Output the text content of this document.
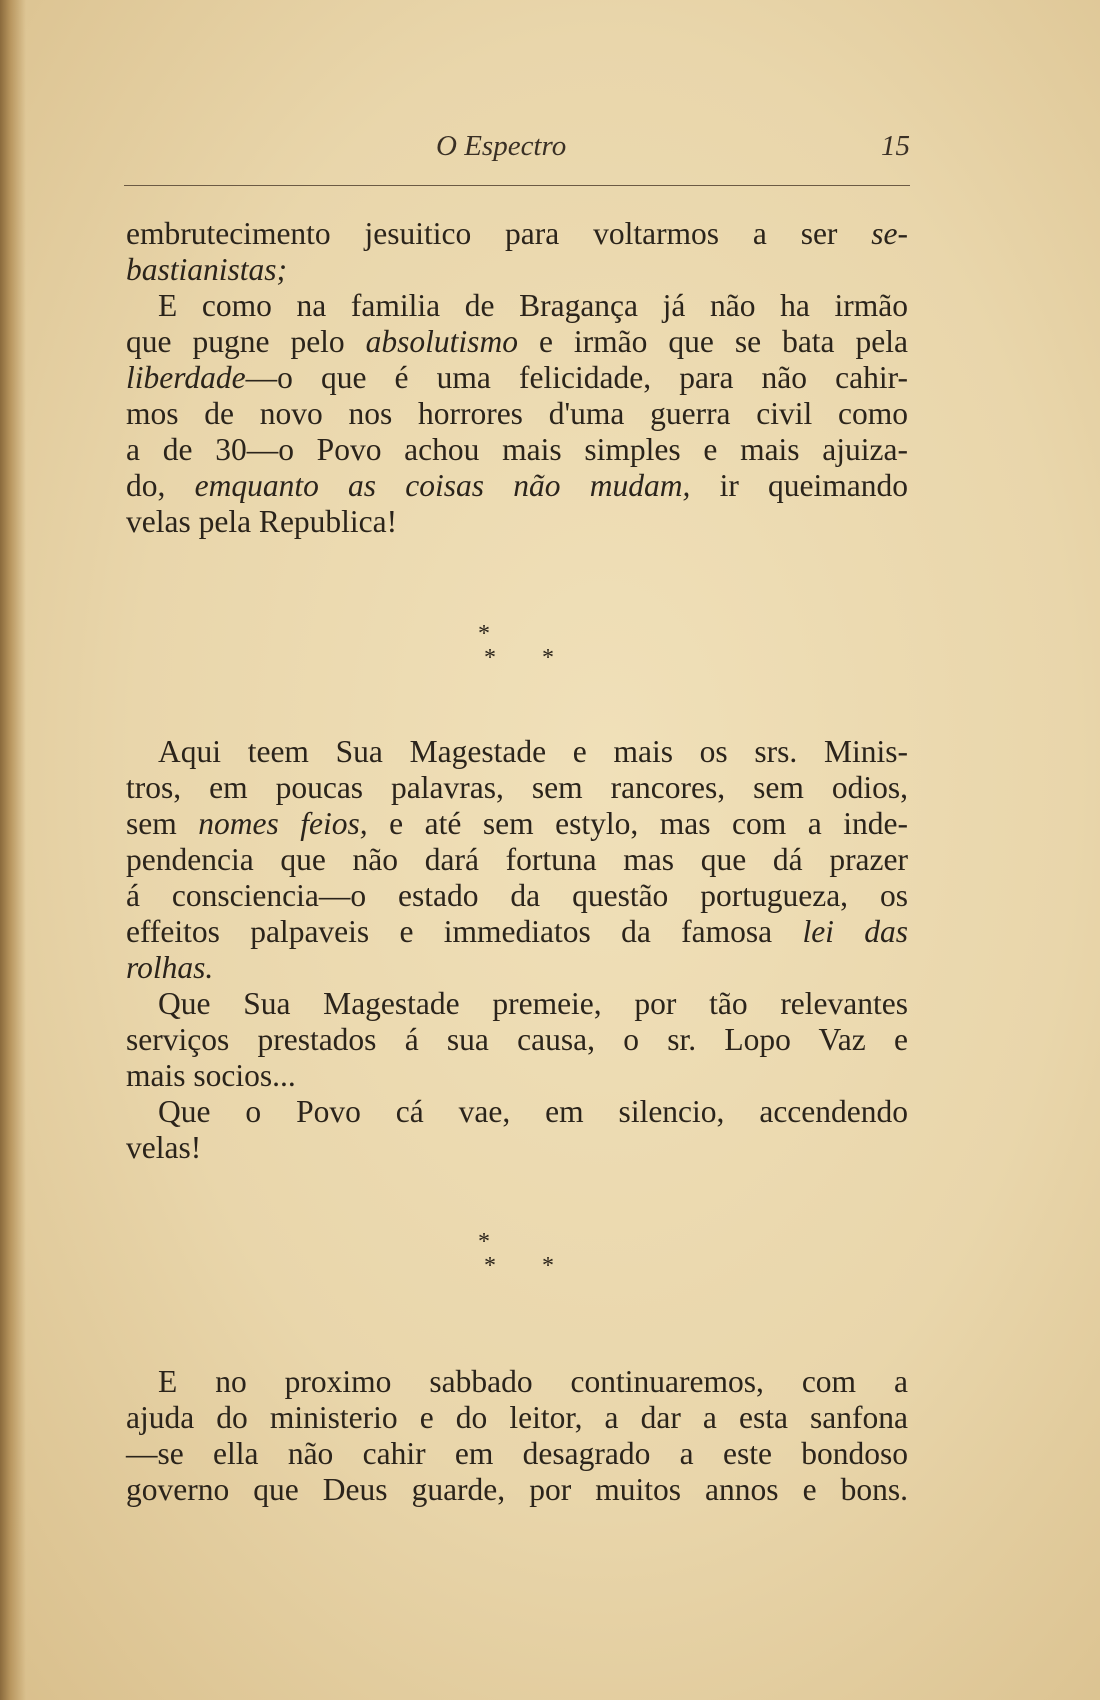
O Espectro	15
embrutecimento jesuitico para voltarmos a ser se-
bastianistas;
E como na familia de Bragança já não ha irmão
que pugne pelo absolutismo e irmão que se bata pela
liberdade—o que é uma felicidade, para não cahir-
mos de novo nos horrores d'uma guerra civil como
a de 30—o Povo achou mais simples e mais ajuiza-
do, emquanto as coisas não mudam, ir queimando
velas pela Republica!
*
* *
Aqui teem Sua Magestade e mais os srs. Minis-
tros, em poucas palavras, sem rancores, sem odios,
sem nomes feios, e até sem estylo, mas com a inde-
pendencia que não dará fortuna mas que dá prazer
á consciencia—o estado da questão portugueza, os
effeitos palpaveis e immediatos da famosa lei das
rolhas.
Que Sua Magestade premeie, por tão relevantes
serviços prestados á sua causa, o sr. Lopo Vaz e
mais socios...
Que o Povo cá vae, em silencio, accendendo
velas!
*
* *
E no proximo sabbado continuaremos, com a
ajuda do ministerio e do leitor, a dar a esta sanfona
—se ella não cahir em desagrado a este bondoso
governo que Deus guarde, por muitos annos e bons.
